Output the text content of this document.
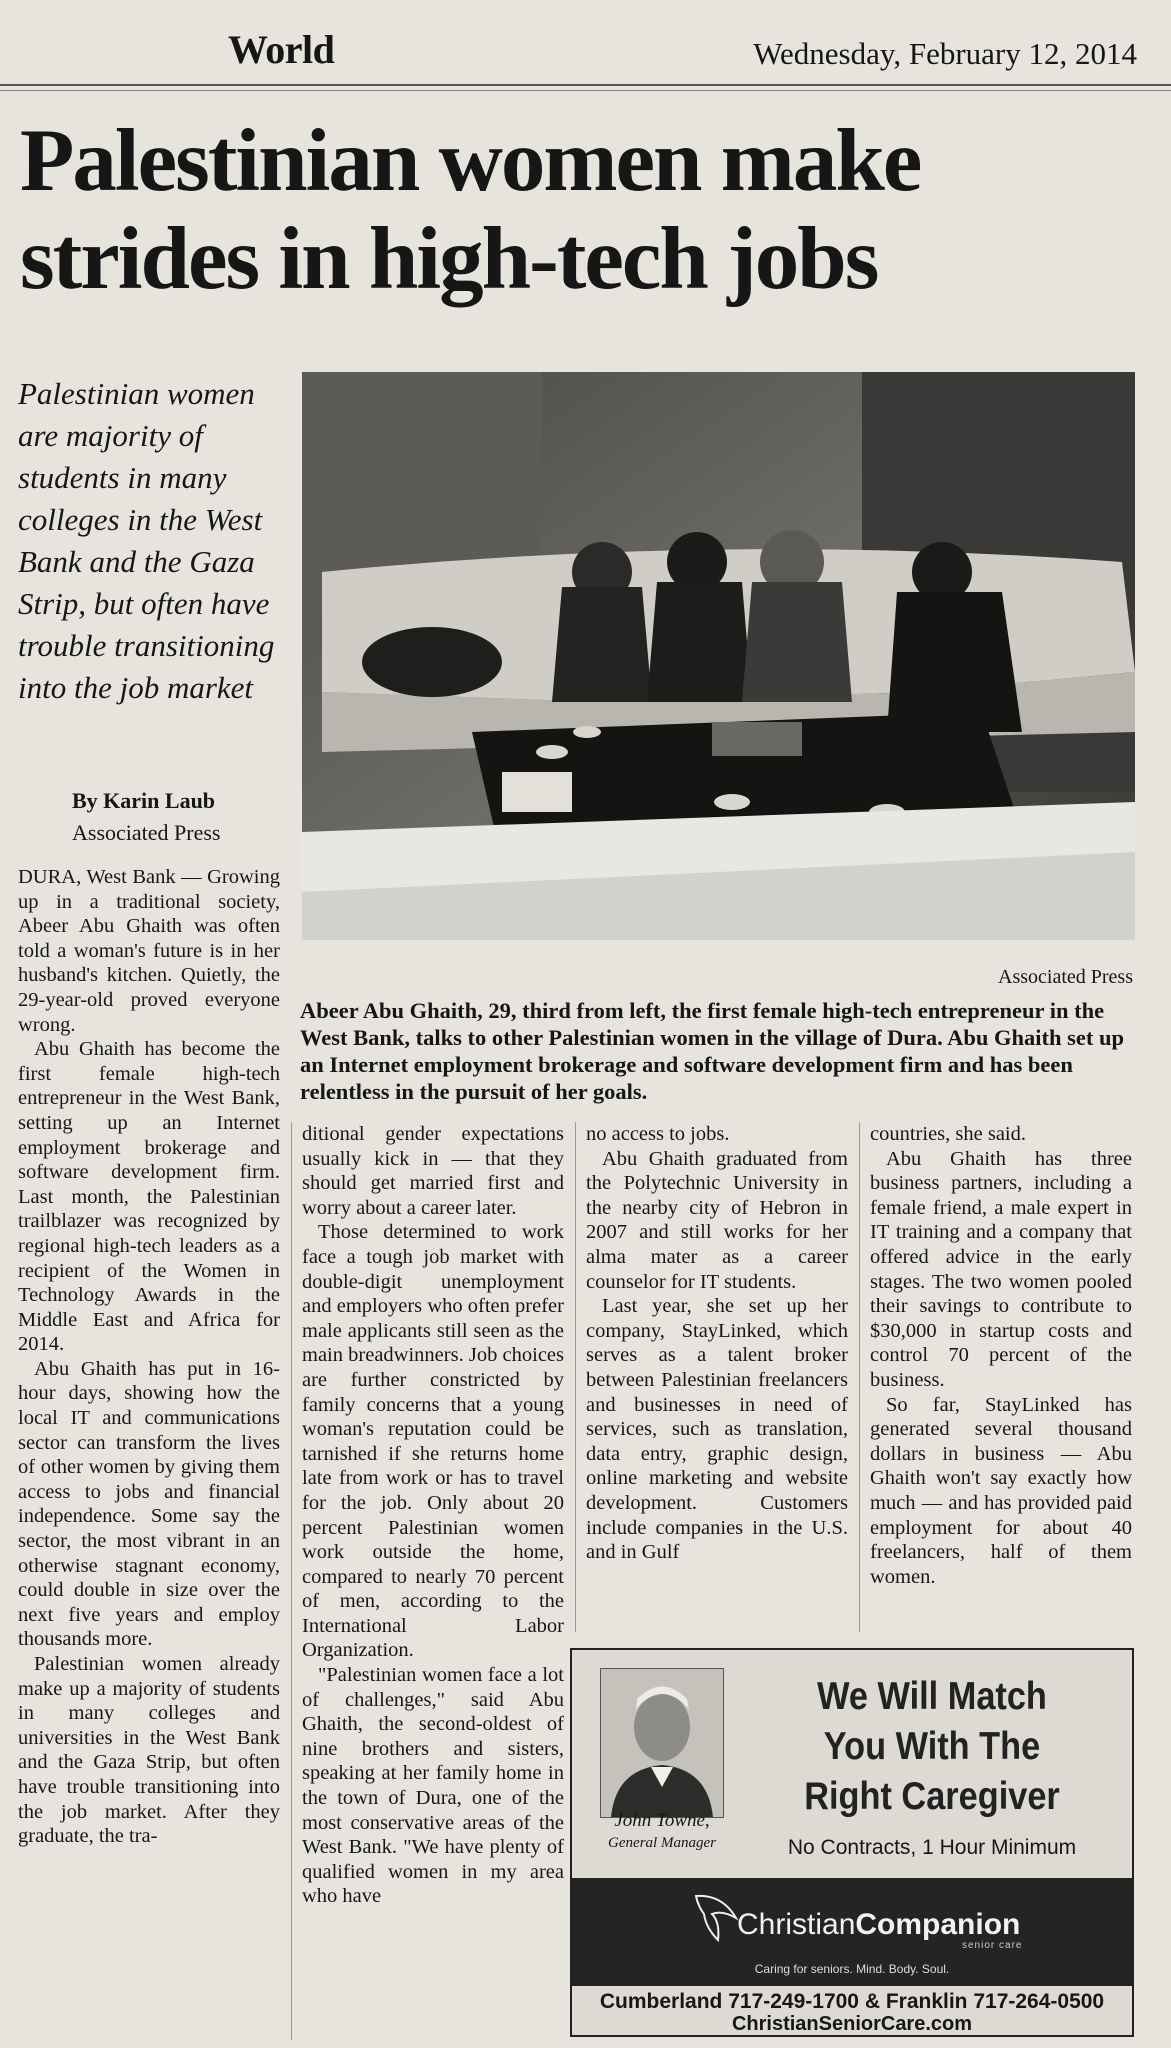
World	Wednesday, February 12, 2014
Palestinian women make strides in high-tech jobs

Palestinian women are majority of students in many colleges in the West Bank and the Gaza Strip, but often have trouble transitioning into the job market

By Karin Laub
Associated Press
Associated Press

Abeer Abu Ghaith, 29, third from left, the first female high-tech entrepreneur in the West Bank, talks to other Palestinian women in the village of Dura. Abu Ghaith set up an Internet employment brokerage and software development firm and has been relentless in the pursuit of her goals.

DURA, West Bank — Growing up in a traditional society, Abeer Abu Ghaith was often told a woman's future is in her husband's kitchen. Quietly, the 29-year-old proved everyone wrong.

Abu Ghaith has become the first female high-tech entrepreneur in the West Bank, setting up an Internet employment brokerage and software development firm. Last month, the Palestinian trailblazer was recognized by regional high-tech leaders as a recipient of the Women in Technology Awards in the Middle East and Africa for 2014.

Abu Ghaith has put in 16-hour days, showing how the local IT and communications sector can transform the lives of other women by giving them access to jobs and financial independence. Some say the sector, the most vibrant in an otherwise stagnant economy, could double in size over the next five years and employ thousands more.

Palestinian women already make up a majority of students in many colleges and universities in the West Bank and the Gaza Strip, but often have trouble transitioning into the job market. After they graduate, the tra-

ditional gender expectations usually kick in — that they should get married first and worry about a career later.

Those determined to work face a tough job market with double-digit unemployment and employers who often prefer male applicants still seen as the main breadwinners. Job choices are further constricted by family concerns that a young woman's reputation could be tarnished if she returns home late from work or has to travel for the job. Only about 20 percent Palestinian women work outside the home, compared to nearly 70 percent of men, according to the International Labor Organization.

"Palestinian women face a lot of challenges," said Abu Ghaith, the second-oldest of nine brothers and sisters, speaking at her family home in the town of Dura, one of the most conservative areas of the West Bank. "We have plenty of qualified women in my area who have

no access to jobs.

Abu Ghaith graduated from the Polytechnic University in the nearby city of Hebron in 2007 and still works for her alma mater as a career counselor for IT students.

Last year, she set up her company, StayLinked, which serves as a talent broker between Palestinian freelancers and businesses in need of services, such as translation, data entry, graphic design, online marketing and website development. Customers include companies in the U.S. and in Gulf

countries, she said.

Abu Ghaith has three business partners, including a female friend, a male expert in IT training and a company that offered advice in the early stages. The two women pooled their savings to contribute to $30,000 in startup costs and control 70 percent of the business.

So far, StayLinked has generated several thousand dollars in business — Abu Ghaith won't say exactly how much — and has provided paid employment for about 40 freelancers, half of them women.

John Towne,
General Manager
We Will Match
You With The
Right Caregiver
No Contracts, 1 Hour Minimum
ChristianCompanion
senior care
Caring for seniors. Mind. Body. Soul.
Cumberland 717-249-1700 & Franklin 717-264-0500
ChristianSeniorCare.com
